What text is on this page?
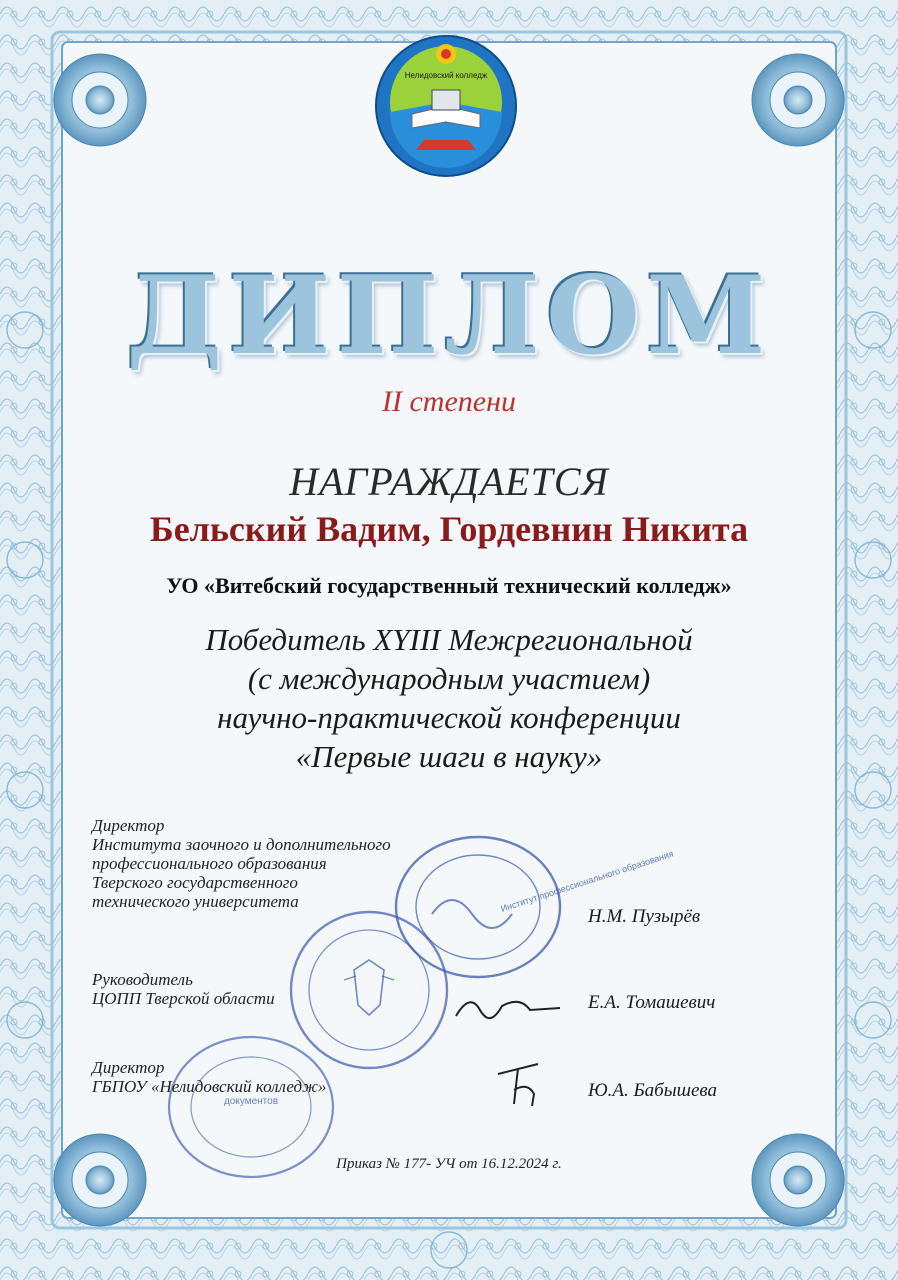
Нелидовский колледж
ДИПЛОМ
II степени
НАГРАЖДАЕТСЯ
Бельский Вадим, Гордевнин Никита
УО «Витебский государственный технический колледж»
Победитель XYIII Межрегиональной
(с международным участием)
научно-практической конференции
«Первые шаги в науку»
Институт профессионального образования
документов
Директор
Института заочного и дополнительного
профессионального образования
Тверского государственного
технического университета
Н.М. Пузырёв
Руководитель
ЦОПП Тверской области	Е.А. Томашевич
Директор
ГБПОУ «Нелидовский колледж»	Ю.А. Бабышева
Приказ № 177- УЧ от 16.12.2024 г.
